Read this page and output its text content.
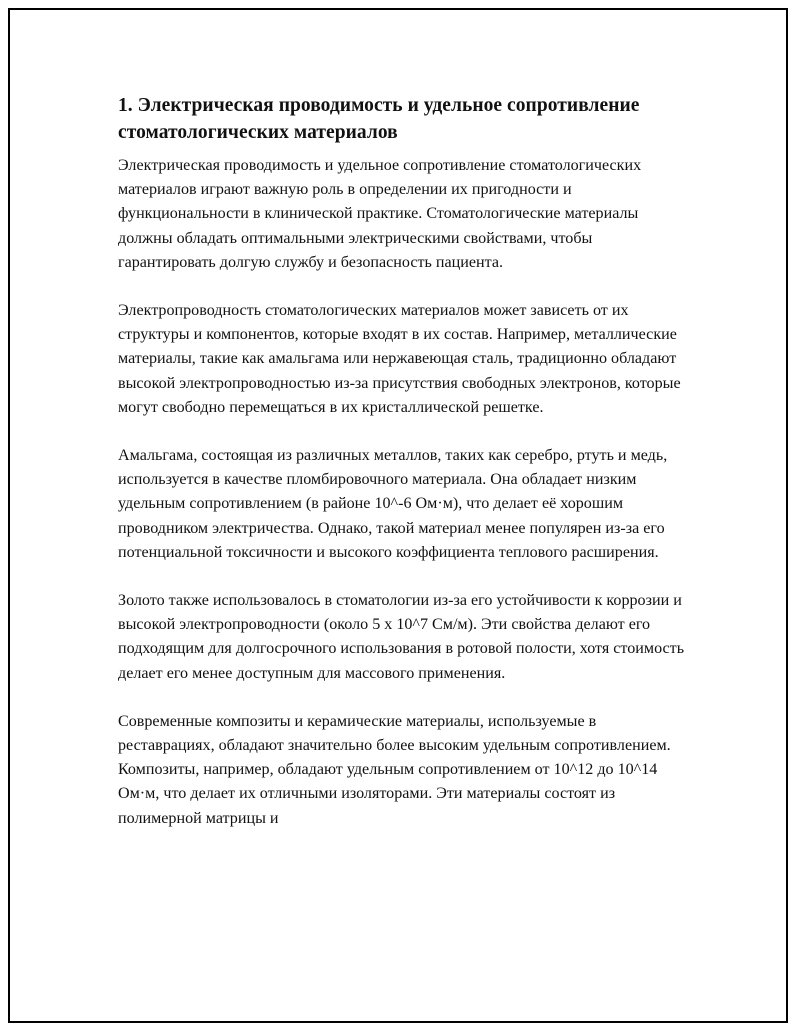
1. Электрическая проводимость и удельное сопротивление стоматологических материалов

Электрическая проводимость и удельное сопротивление стоматологических материалов играют важную роль в определении их пригодности и функциональности в клинической практике. Стоматологические материалы должны обладать оптимальными электрическими свойствами, чтобы гарантировать долгую службу и безопасность пациента.

Электропроводность стоматологических материалов может зависеть от их структуры и компонентов, которые входят в их состав. Например, металлические материалы, такие как амальгама или нержавеющая сталь, традиционно обладают высокой электропроводностью из-за присутствия свободных электронов, которые могут свободно перемещаться в их кристаллической решетке.

Амальгама, состоящая из различных металлов, таких как серебро, ртуть и медь, используется в качестве пломбировочного материала. Она обладает низким удельным сопротивлением (в районе 10^-6 Ом·м), что делает её хорошим проводником электричества. Однако, такой материал менее популярен из-за его потенциальной токсичности и высокого коэффициента теплового расширения.

Золото также использовалось в стоматологии из-за его устойчивости к коррозии и высокой электропроводности (около 5 x 10^7 См/м). Эти свойства делают его подходящим для долгосрочного использования в ротовой полости, хотя стоимость делает его менее доступным для массового применения.

Современные композиты и керамические материалы, используемые в реставрациях, обладают значительно более высоким удельным сопротивлением. Композиты, например, обладают удельным сопротивлением от 10^12 до 10^14 Ом·м, что делает их отличными изоляторами. Эти материалы состоят из полимерной матрицы и
